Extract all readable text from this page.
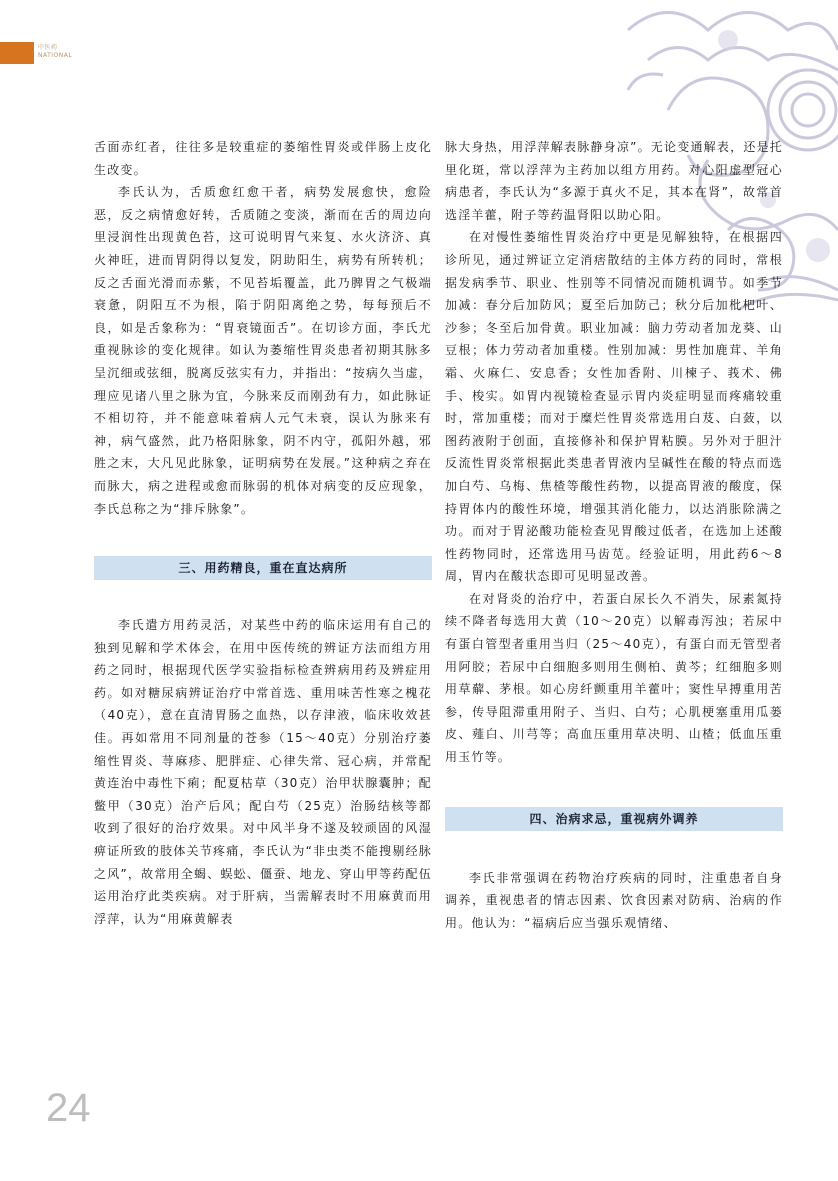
中医药
NATIONAL

舌面赤红者，往往多是较重症的萎缩性胃炎或伴肠上皮化生改变。

李氏认为，舌质愈红愈干者，病势发展愈快，愈险恶，反之病情愈好转，舌质随之变淡，渐而在舌的周边向里浸润性出现黄色苔，这可说明胃气来复、水火济济、真火神旺，进而胃阴得以复发，阴助阳生，病势有所转机；反之舌面光滑而赤紫，不见苔垢覆盖，此乃脾胃之气极端衰惫，阴阳互不为根，陷于阴阳离绝之势，每每预后不良，如是舌象称为：“胃衰镜面舌”。在切诊方面，李氏尤重视脉诊的变化规律。如认为萎缩性胃炎患者初期其脉多呈沉细或弦细，脱离反弦实有力，并指出：“按病久当虚，理应见诸八里之脉为宜，今脉来反而刚劲有力，如此脉证不相切符，并不能意味着病人元气未衰，误认为脉来有神，病气盛然，此乃格阳脉象，阴不内守，孤阳外越，邪胜之末，大凡见此脉象，证明病势在发展。”这种病之弃在而脉大，病之进程或愈而脉弱的机体对病变的反应现象，李氏总称之为“排斥脉象”。

三、用药精良，重在直达病所

李氏遣方用药灵活，对某些中药的临床运用有自己的独到见解和学术体会，在用中医传统的辨证方法而组方用药之同时，根据现代医学实验指标检查辨病用药及辨症用药。如对糖尿病辨证治疗中常首选、重用味苦性寒之槐花（40克），意在直清胃肠之血热，以存津液，临床收效甚佳。再如常用不同剂量的苍参（15～40克）分别治疗萎缩性胃炎、荨麻疹、肥胖症、心律失常、冠心病，并常配黄连治中毒性下痢；配夏枯草（30克）治甲状腺囊肿；配鳖甲（30克）治产后风；配白芍（25克）治肠结核等都收到了很好的治疗效果。对中风半身不遂及较顽固的风湿痹证所致的肢体关节疼痛，李氏认为“非虫类不能搜剔经脉之风”，故常用全蝎、蜈蚣、僵蚕、地龙、穿山甲等药配伍运用治疗此类疾病。对于肝病，当需解表时不用麻黄而用浮萍，认为“用麻黄解表

脉大身热，用浮萍解表脉静身凉”。无论变通解表，还是托里化斑，常以浮萍为主药加以组方用药。对心阳虚型冠心病患者，李氏认为“多源于真火不足，其本在肾”，故常首选淫羊藿，附子等药温肾阳以助心阳。

在对慢性萎缩性胃炎治疗中更是见解独特，在根据四诊所见，通过辨证立定消痞散结的主体方药的同时，常根据发病季节、职业、性别等不同情况而随机调节。如季节加减：春分后加防风；夏至后加防己；秋分后加枇杷叶、沙参；冬至后加骨黄。职业加减：脑力劳动者加龙葵、山豆根；体力劳动者加重楼。性别加减：男性加鹿茸、羊角霜、火麻仁、安息香；女性加香附、川楝子、莪术、佛手、梭实。如胃内视镜检查显示胃内炎症明显而疼痛较重时，常加重楼；而对于糜烂性胃炎常选用白芨、白蔹，以图药液附于创面，直接修补和保护胃粘膜。另外对于胆汁反流性胃炎常根据此类患者胃液内呈碱性在酸的特点而选加白芍、乌梅、焦楂等酸性药物，以提高胃液的酸度，保持胃体内的酸性环境，增强其消化能力，以达消胀除满之功。而对于胃泌酸功能检查见胃酸过低者，在选加上述酸性药物同时，还常选用马齿苋。经验证明，用此药6～8周，胃内在酸状态即可见明显改善。

在对肾炎的治疗中，若蛋白尿长久不消失，尿素氮持续不降者每选用大黄（10～20克）以解毒泻浊；若尿中有蛋白管型者重用当归（25～40克），有蛋白而无管型者用阿胶；若尿中白细胞多则用生侧柏、黄芩；红细胞多则用草薢、茅根。如心房纤颤重用羊藿叶；窦性早搏重用苦参，传导阻滞重用附子、当归、白芍；心肌梗塞重用瓜蒌皮、薤白、川芎等；高血压重用草决明、山楂；低血压重用玉竹等。

四、治病求忌，重视病外调养

李氏非常强调在药物治疗疾病的同时，注重患者自身调养，重视患者的情志因素、饮食因素对防病、治病的作用。他认为：“福病后应当强乐观情绪、

24
